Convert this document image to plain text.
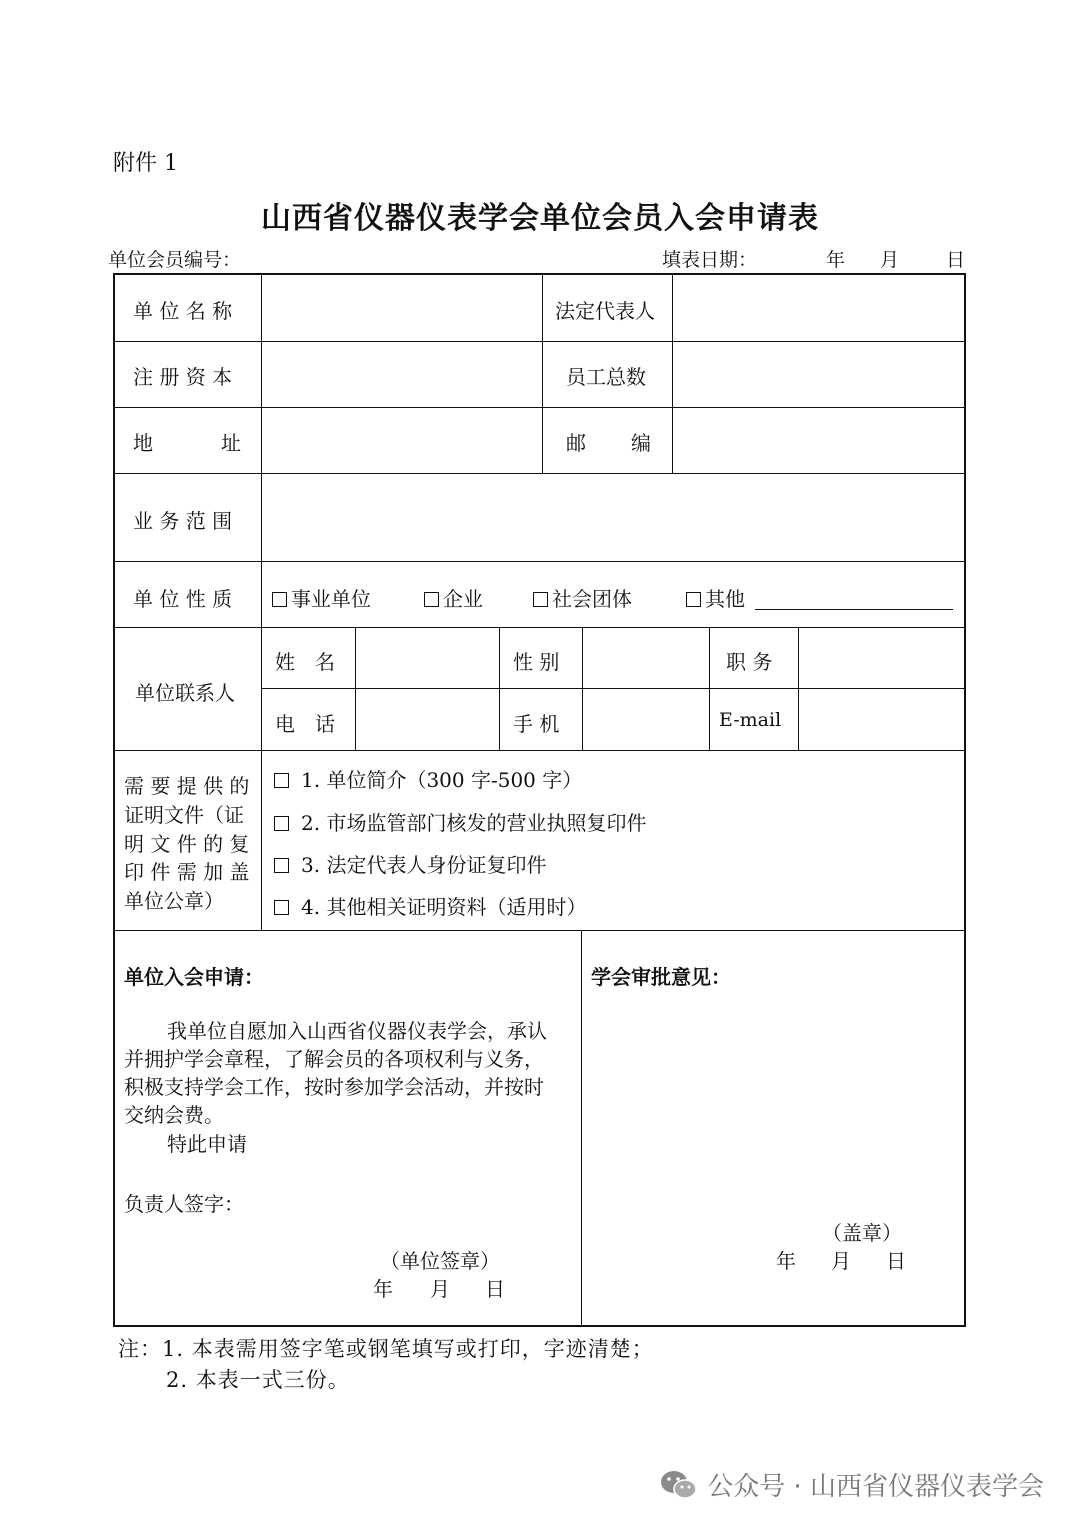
附件 1
山西省仪器仪表学会单位会员入会申请表
单位会员编号：	填表日期：	年 月 日
单 位 名 称	法定代表人
注 册 资 本	员工总数
地	址	邮 编
业 务 范 围
单 位 性 质	事业单位	企业	社会团体	其他
单位联系人
姓　名	性 别	职 务
电　话	手 机	E-mail
需 要 提 供 的
证明文件（证
明 文 件 的 复
印 件 需 加 盖
单位公章）
1. 单位简介（300 字-500 字）
2. 市场监管部门核发的营业执照复印件
3. 法定代表人身份证复印件
4. 其他相关证明资料（适用时）
单位入会申请：
我单位自愿加入山西省仪器仪表学会，承认
并拥护学会章程，了解会员的各项权利与义务，
积极支持学会工作，按时参加学会活动，并按时
交纳会费。
特此申请
负责人签字：
（单位签章）
年 月 日
学会审批意见：
（盖章）
年 月 日
注：1. 本表需用签字笔或钢笔填写或打印，字迹清楚；
2. 本表一式三份。
公众号 · 山西省仪器仪表学会
